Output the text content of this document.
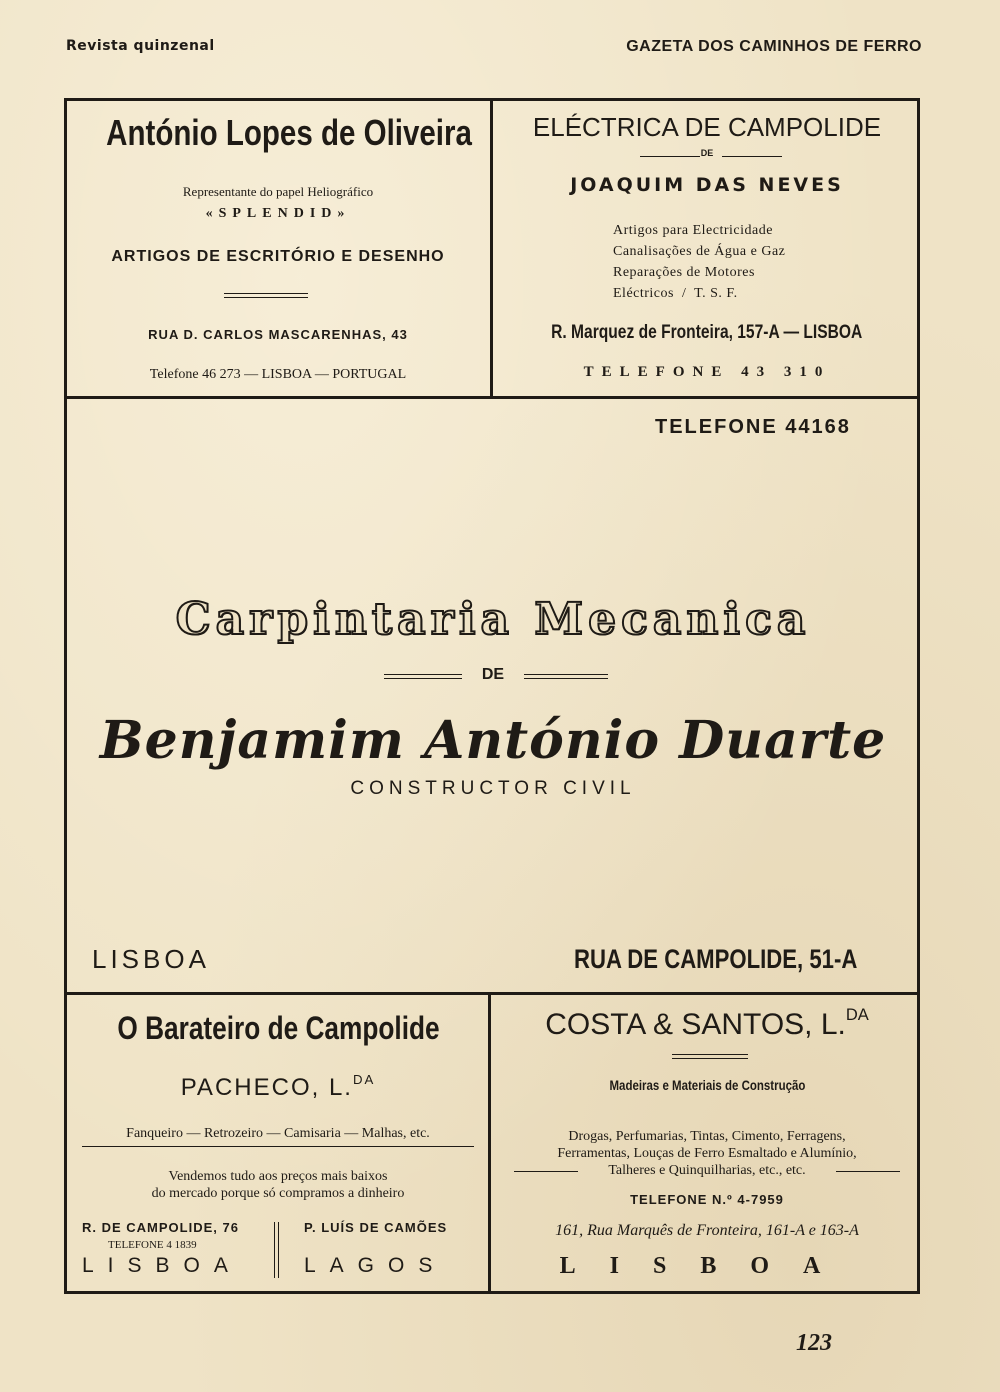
Revista quinzenal	GAZETA DOS CAMINHOS DE FERRO
António Lopes de Oliveira
Representante do papel Heliográfico
«SPLENDID»
ARTIGOS DE ESCRITÓRIO E DESENHO
RUA D. CARLOS MASCARENHAS, 43
Telefone 46 273 — LISBOA — PORTUGAL
ELÉCTRICA DE CAMPOLIDE
DE
JOAQUIM DAS NEVES
Artigos para Electricidade
Canalisações de Água e Gaz
Reparações de Motores
Eléctricos  /  T. S. F.
R. Marquez de Fronteira, 157-A — LISBOA
TELEFONE 43 310
TELEFONE 44168
Carpintaria Mecanica
DE
Benjamim António Duarte
CONSTRUCTOR CIVIL
LISBOA	RUA DE CAMPOLIDE, 51-A
O Barateiro de Campolide
PACHECO, L.$^{DA}$
Fanqueiro — Retrozeiro — Camisaria — Malhas, etc.
Vendemos tudo aos preços mais baixos
do mercado porque só compramos a dinheiro
R. DE CAMPOLIDE, 76
TELEFONE 4 1839
LISBOA
P. LUÍS DE CAMÕES
LAGOS
COSTA & SANTOS, L.$^{DA}$
Madeiras e Materiais de Construção
Drogas, Perfumarias, Tintas, Cimento, Ferragens,
Ferramentas, Louças de Ferro Esmaltado e Alumínio,
Talheres e Quinquilharias, etc., etc.
TELEFONE N.º 4-7959
161, Rua Marquês de Fronteira, 161-A e 163-A
LISBOA
123
